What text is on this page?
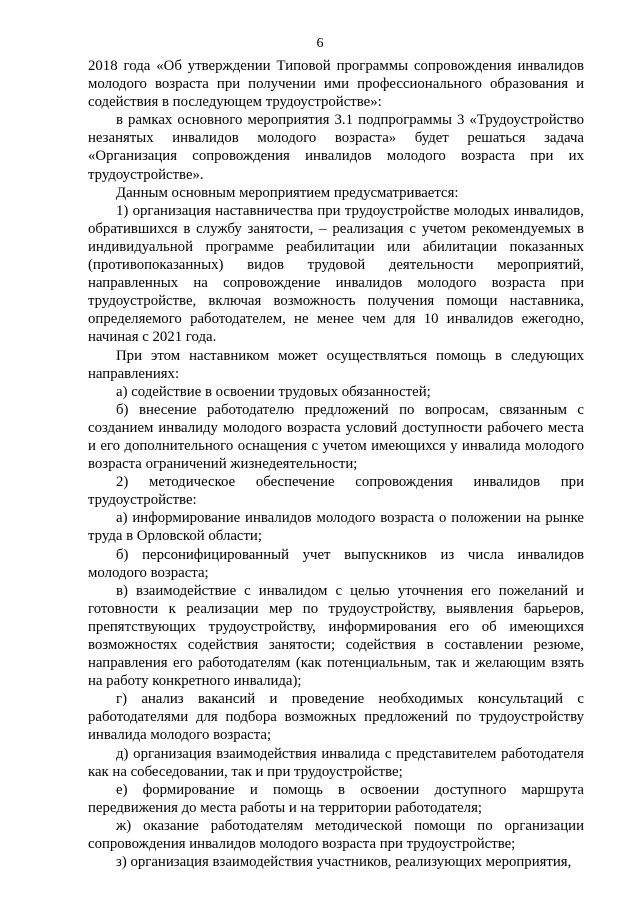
6

2018 года «Об утверждении Типовой программы сопровождения инвалидов молодого возраста при получении ими профессионального образования и содействия в последующем трудоустройстве»:

в рамках основного мероприятия 3.1 подпрограммы 3 «Трудоустройство незанятых инвалидов молодого возраста» будет решаться задача «Организация сопровождения инвалидов молодого возраста при их трудоустройстве».

Данным основным мероприятием предусматривается:

1) организация наставничества при трудоустройстве молодых инвалидов, обратившихся в службу занятости, – реализация с учетом рекомендуемых в индивидуальной программе реабилитации или абилитации показанных (противопоказанных) видов трудовой деятельности мероприятий, направленных на сопровождение инвалидов молодого возраста при трудоустройстве, включая возможность получения помощи наставника, определяемого работодателем, не менее чем для 10 инвалидов ежегодно, начиная с 2021 года.

При этом наставником может осуществляться помощь в следующих направлениях:

а) содействие в освоении трудовых обязанностей;

б) внесение работодателю предложений по вопросам, связанным с созданием инвалиду молодого возраста условий доступности рабочего места и его дополнительного оснащения с учетом имеющихся у инвалида молодого возраста ограничений жизнедеятельности;

2) методическое обеспечение сопровождения инвалидов при трудоустройстве:

а) информирование инвалидов молодого возраста о положении на рынке труда в Орловской области;

б) персонифицированный учет выпускников из числа инвалидов молодого возраста;

в) взаимодействие с инвалидом с целью уточнения его пожеланий и готовности к реализации мер по трудоустройству, выявления барьеров, препятствующих трудоустройству, информирования его об имеющихся возможностях содействия занятости; содействия в составлении резюме, направления его работодателям (как потенциальным, так и желающим взять на работу конкретного инвалида);

г) анализ вакансий и проведение необходимых консультаций с работодателями для подбора возможных предложений по трудоустройству инвалида молодого возраста;

д) организация взаимодействия инвалида с представителем работодателя как на собеседовании, так и при трудоустройстве;

е) формирование и помощь в освоении доступного маршрута передвижения до места работы и на территории работодателя;

ж) оказание работодателям методической помощи по организации сопровождения инвалидов молодого возраста при трудоустройстве;

з) организация взаимодействия участников, реализующих мероприятия,
